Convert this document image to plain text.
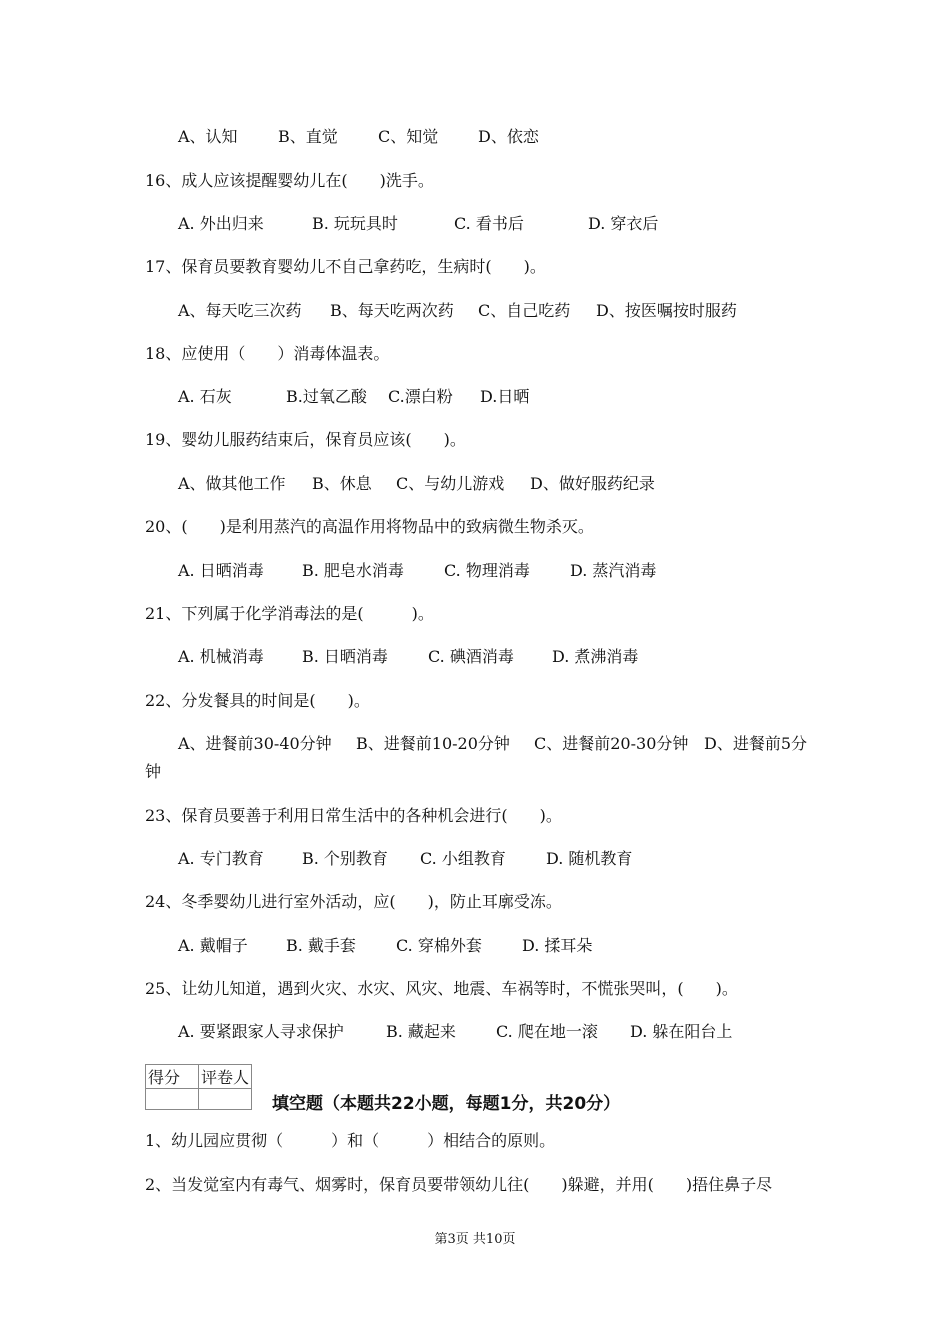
A、认知	B、直觉	C、知觉 D、依恋
16、成人应该提醒婴幼儿在(　　)洗手。
A. 外出归来	B. 玩玩具时	C. 看书后	D. 穿衣后
17、保育员要教育婴幼儿不自己拿药吃，生病时(　　)。
A、每天吃三次药 B、每天吃两次药 C、自己吃药 D、按医嘱按时服药
18、应使用（　　）消毒体温表。
A. 石灰	B.过氧乙酸 C.漂白粉 D.日晒
19、婴幼儿服药结束后，保育员应该(　　)。
A、做其他工作 B、休息 C、与幼儿游戏 D、做好服药纪录
20、(　　)是利用蒸汽的高温作用将物品中的致病微生物杀灭。
A. 日晒消毒 B. 肥皂水消毒	C. 物理消毒	D. 蒸汽消毒
21、下列属于化学消毒法的是(　　　)。
A. 机械消毒 B. 日晒消毒	C. 碘酒消毒 D. 煮沸消毒
22、分发餐具的时间是(　　)。
A、进餐前30-40分钟 B、进餐前10-20分钟 C、进餐前20-30分钟 D、进餐前5分
钟
23、保育员要善于利用日常生活中的各种机会进行(　　)。
A. 专门教育 B. 个别教育 C. 小组教育	D. 随机教育
24、冬季婴幼儿进行室外活动，应(　　)，防止耳廓受冻。
A. 戴帽子 B. 戴手套	C. 穿棉外套	D. 揉耳朵
25、让幼儿知道，遇到火灾、水灾、风灾、地震、车祸等时，不慌张哭叫，(　　)。
A. 要紧跟家人寻求保护	B. 藏起来	C. 爬在地一滚 D. 躲在阳台上
得分	评卷人

填空题（本题共22小题，每题1分，共20分）
1、幼儿园应贯彻（　　　）和（　　　）相结合的原则。
2、当发觉室内有毒气、烟雾时，保育员要带领幼儿往(　　)躲避，并用(　　)捂住鼻子尽
第3页 共10页
